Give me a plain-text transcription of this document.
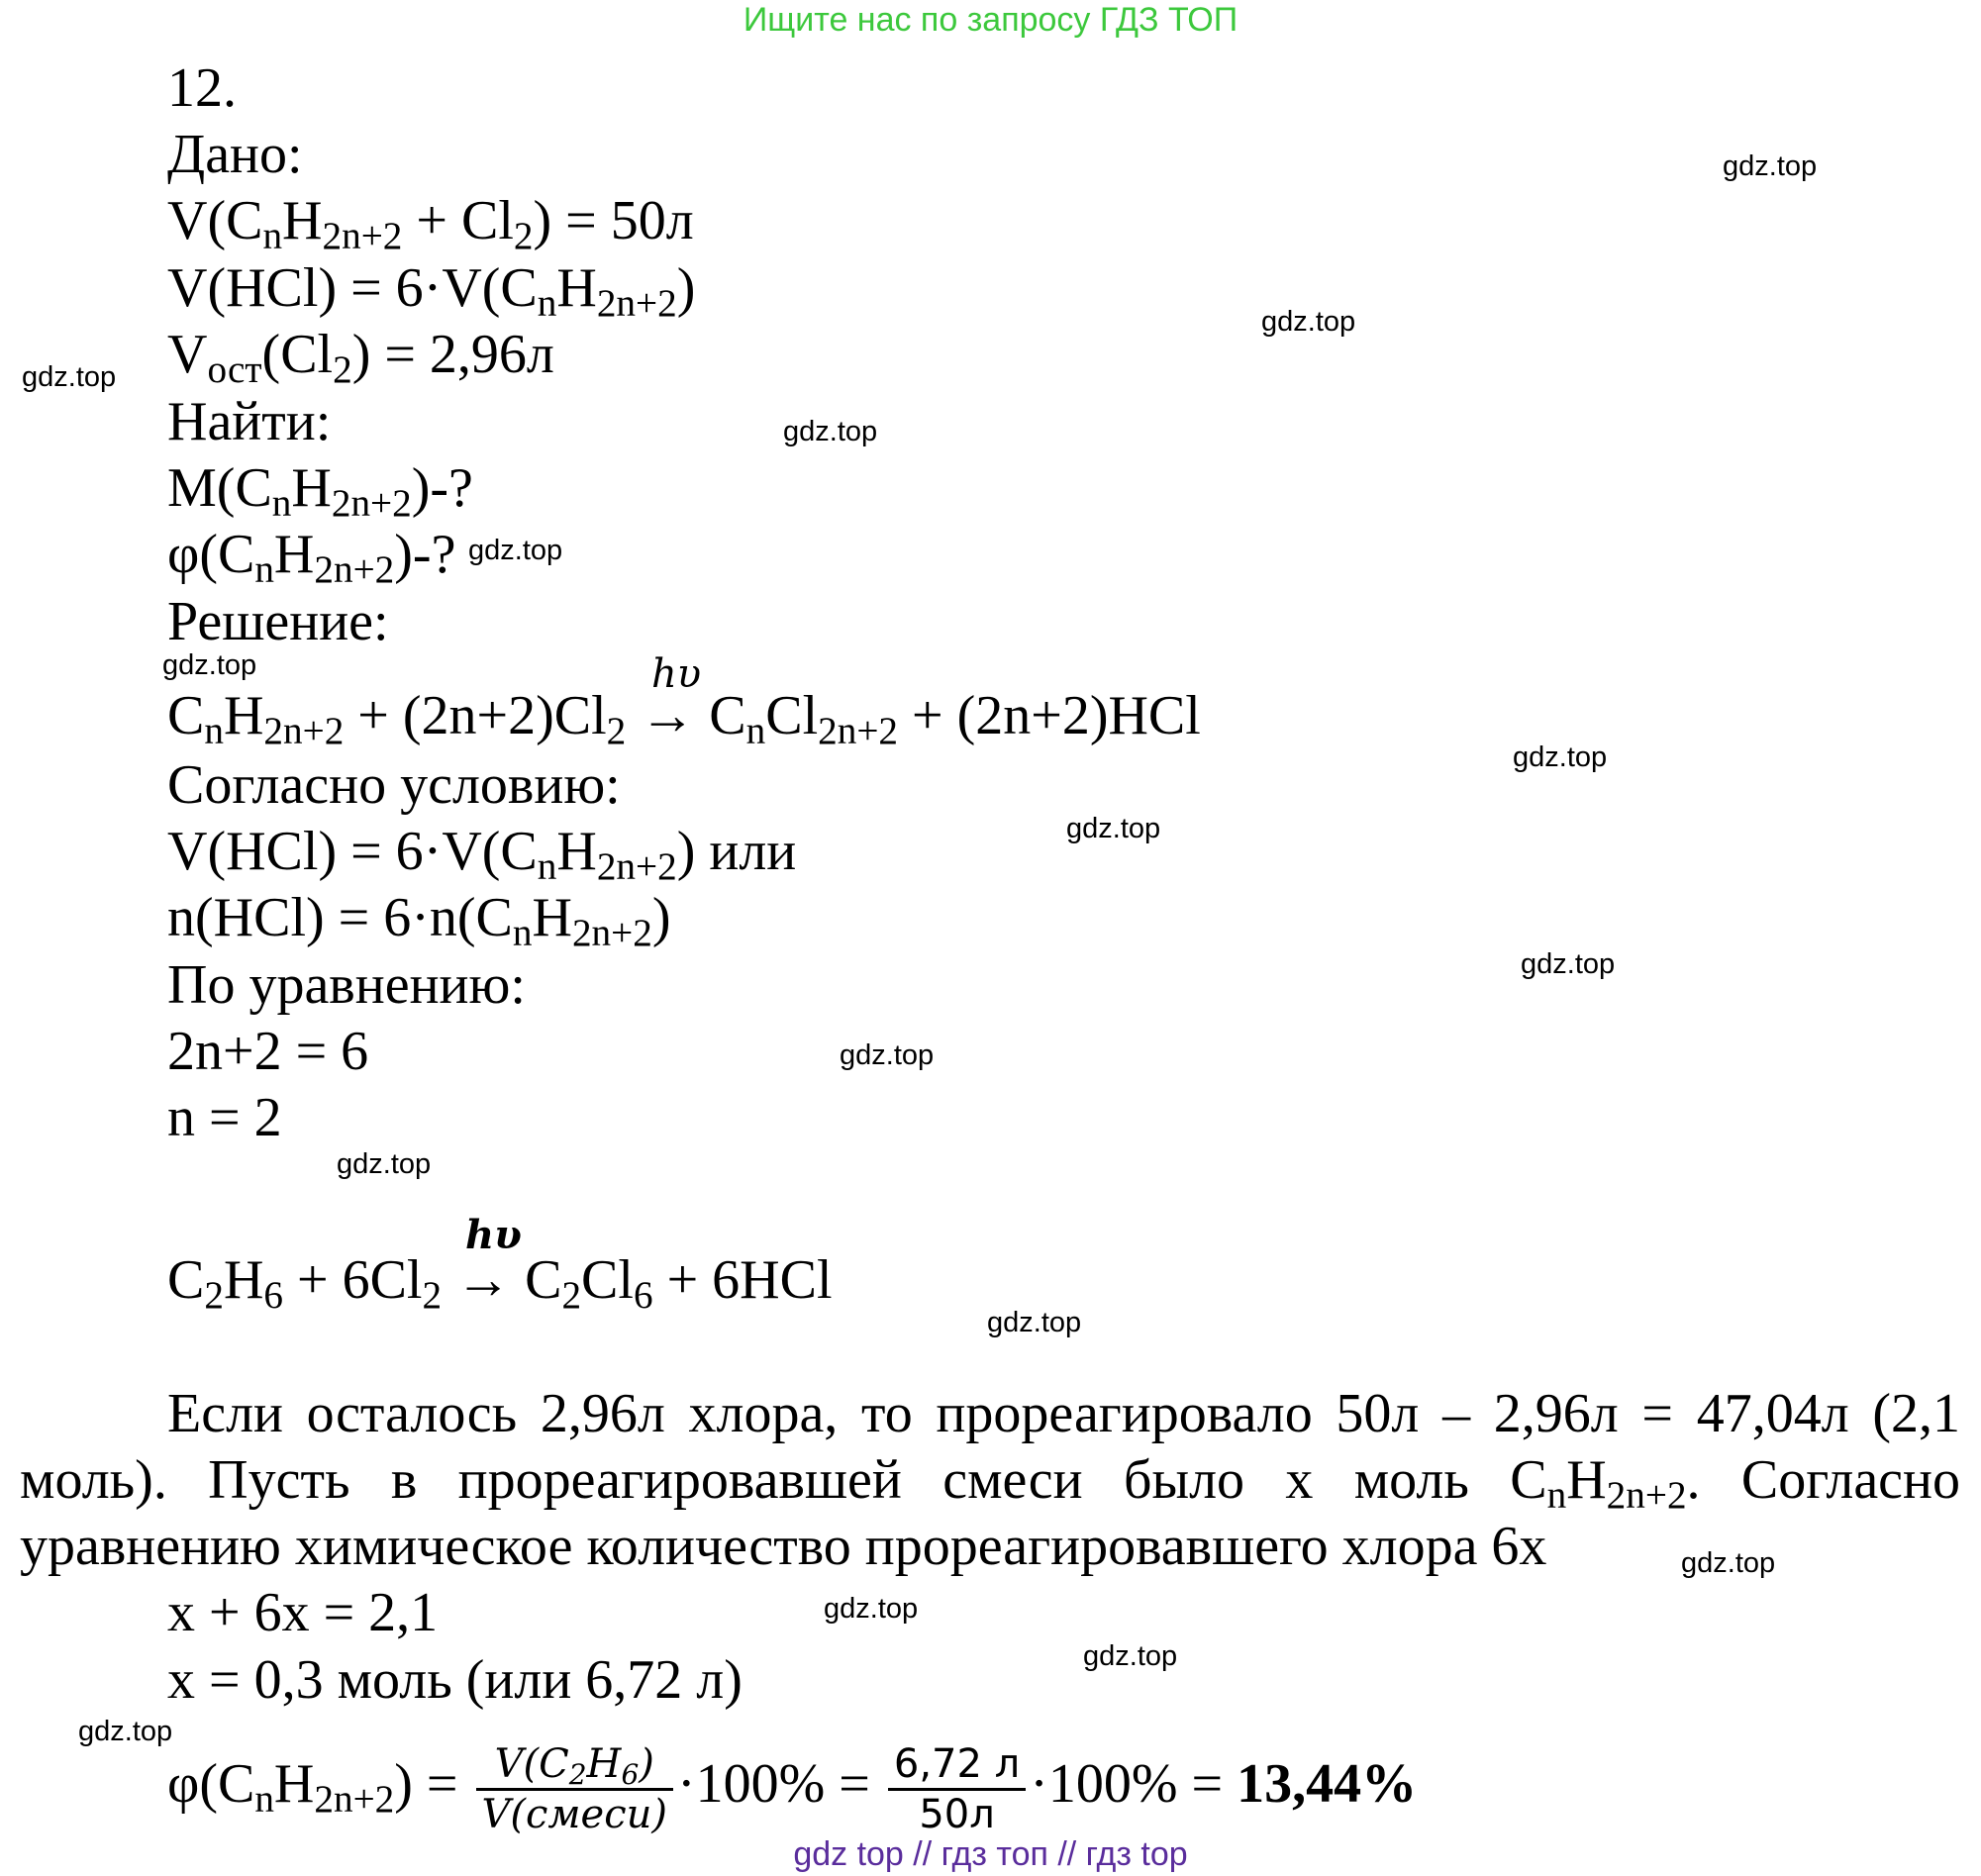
Ищите нас по запросу ГДЗ ТОП
gdz.top
gdz.top
gdz.top
gdz.top
gdz.top
gdz.top
gdz.top
gdz.top
gdz.top
gdz.top
gdz.top
gdz.top
gdz.top
gdz.top
gdz.top
gdz.top
12.
Дано:
$V(C_nH_{2n+2} + Cl_2) = 50л$
$V(HCl) = 6\cdot V(C_nH_{2n+2})$
$V_{ост}(Cl_2) = 2,96л$
Найти:
$M(C_nH_{2n+2})-$?
$\varphi(C_nH_{2n+2})-$?
Решение:
hυ
$C_nH_{2n+2} + (2n+2)Cl_2 \to C_nCl_{2n+2} + (2n+2)HCl$
Согласно условию:
$V(HCl) = 6\cdot V(C_nH_{2n+2})$ или
$n(HCl) = 6\cdot n(C_nH_{2n+2})$
По уравнению:
2n+2 = 6
n = 2
hυ
$C_2H_6 + 6Cl_2 \to C_2Cl_6 + 6HCl$
Если осталось 2,96л хлора, то прореагировало 50л – 2,96л = 47,04л (2,1 моль). Пусть в прореагировавшей смеси было x моль $C_nH_{2n+2}$. Согласно уравнению химическое количество прореагировавшего хлора 6x
x + 6x = 2,1
x = 0,3 моль (или 6,72 л)
$\varphi(C_nH_{2n+2}) = \frac{V(C_2H_6)}{\text{V(смеси)}} \cdot 100\% = \frac{6,72 л}{50л} \cdot 100\% = 13,44\%$
gdz top // гдз топ // гдз top
